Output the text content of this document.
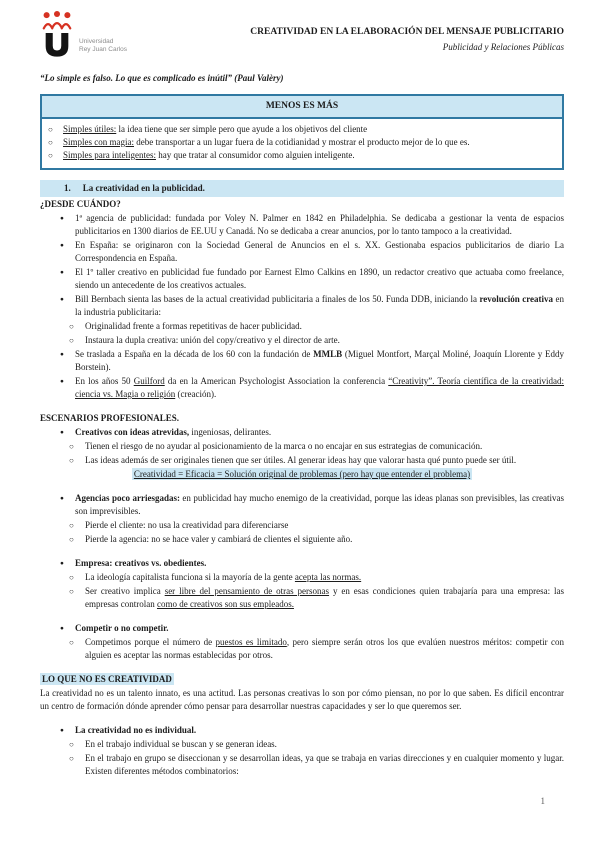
Universidad
Rey Juan Carlos
CREATIVIDAD EN LA ELABORACIÓN DEL MENSAJE PUBLICITARIO
Publicidad y Relaciones Públicas
“Lo simple es falso. Lo que es complicado es inútil” (Paul Valèry)
MENOS ES MÁS
○	Simples útiles: la idea tiene que ser simple pero que ayude a los objetivos del cliente
○	Simples con magia: debe transportar a un lugar fuera de la cotidianidad y mostrar el producto mejor de lo que es.
○	Simples para inteligentes: hay que tratar al consumidor como alguien inteligente.
1. La creatividad en la publicidad.
¿DESDE CUÁNDO?
●	1ª agencia de publicidad: fundada por Voley N. Palmer en 1842 en Philadelphia. Se dedicaba a gestionar la venta de espacios publicitarios en 1300 diarios de EE.UU y Canadá. No se dedicaba a crear anuncios, por lo tanto tampoco a la creatividad.
●	En España: se originaron con la Sociedad General de Anuncios en el s. XX. Gestionaba espacios publicitarios de diario La Correspondencia en España.
●	El 1º taller creativo en publicidad fue fundado por Earnest Elmo Calkins en 1890, un redactor creativo que actuaba como freelance, siendo un antecedente de los creativos actuales.
●	Bill Bernbach sienta las bases de la actual creatividad publicitaria a finales de los 50. Funda DDB, iniciando la revolución creativa en la industria publicitaria:
○	Originalidad frente a formas repetitivas de hacer publicidad.
○	Instaura la dupla creativa: unión del copy/creativo y el director de arte.
●	Se traslada a España en la década de los 60 con la fundación de MMLB (Miguel Montfort, Marçal Moliné, Joaquín Llorente y Eddy Borstein).
●	En los años 50 Guilford da en la American Psychologist Association la conferencia “Creativity”. Teoría científica de la creatividad: ciencia vs. Magia o religión (creación).
ESCENARIOS PROFESIONALES.
●	Creativos con ideas atrevidas, ingeniosas, delirantes.
○	Tienen el riesgo de no ayudar al posicionamiento de la marca o no encajar en sus estrategias de comunicación.
○	Las ideas además de ser originales tienen que ser útiles. Al generar ideas hay que valorar hasta qué punto puede ser útil.
Creatividad = Eficacia = Solución original de problemas (pero hay que entender el problema)
●	Agencias poco arriesgadas: en publicidad hay mucho enemigo de la creatividad, porque las ideas planas son previsibles, las creativas son imprevisibles.
○	Pierde el cliente: no usa la creatividad para diferenciarse
○	Pierde la agencia: no se hace valer y cambiará de clientes el siguiente año.
●	Empresa: creativos vs. obedientes.
○	La ideología capitalista funciona si la mayoría de la gente acepta las normas.
○	Ser creativo implica ser libre del pensamiento de otras personas y en esas condiciones quien trabajaría para una empresa: las empresas controlan como de creativos son sus empleados.
●	Competir o no competir.
○	Competimos porque el número de puestos es limitado, pero siempre serán otros los que evalúen nuestros méritos: competir con alguien es aceptar las normas establecidas por otros.
LO QUE NO ES CREATIVIDAD
La creatividad no es un talento innato, es una actitud. Las personas creativas lo son por cómo piensan, no por lo que saben. Es difícil encontrar un centro de formación dónde aprender cómo pensar para desarrollar nuestras capacidades y ser lo que queremos ser.
●	La creatividad no es individual.
○	En el trabajo individual se buscan y se generan ideas.
○	En el trabajo en grupo se diseccionan y se desarrollan ideas, ya que se trabaja en varias direcciones y en cualquier momento y lugar. Existen diferentes métodos combinatorios:
1
